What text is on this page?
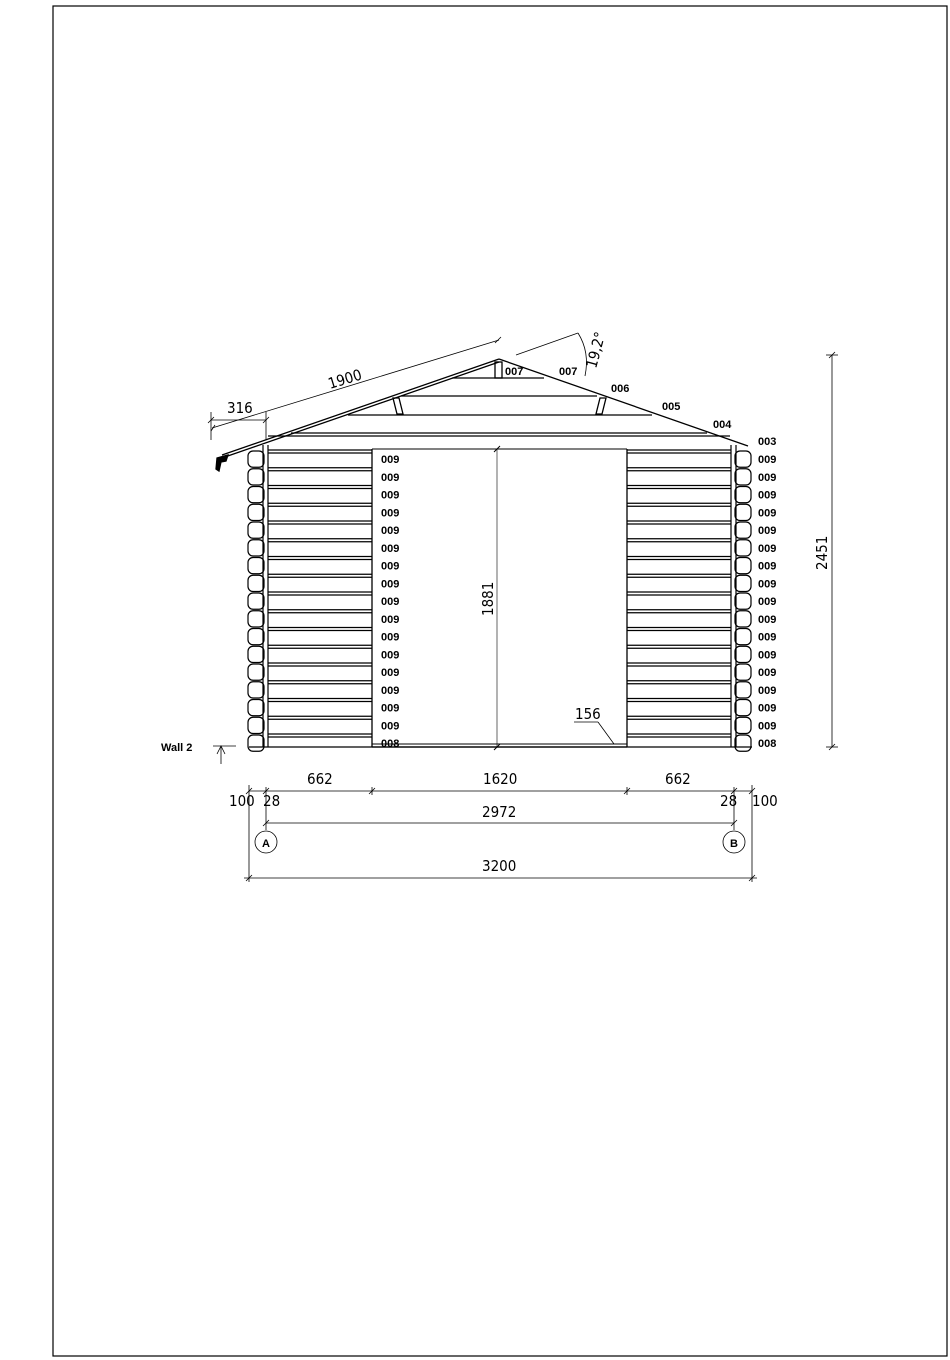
Wall 2
007	007
006
005
004
316
1900
19,2°
2451
1881
156
662	1620	662
100 28	28 100
2972
3200
A	B
009
009
009
009
009
009
009
009
009
009
009
009
009
009
009
009
008
003
009
009
009
009
009
009
009
009
009
009
009
009
009
009
009
009
008
